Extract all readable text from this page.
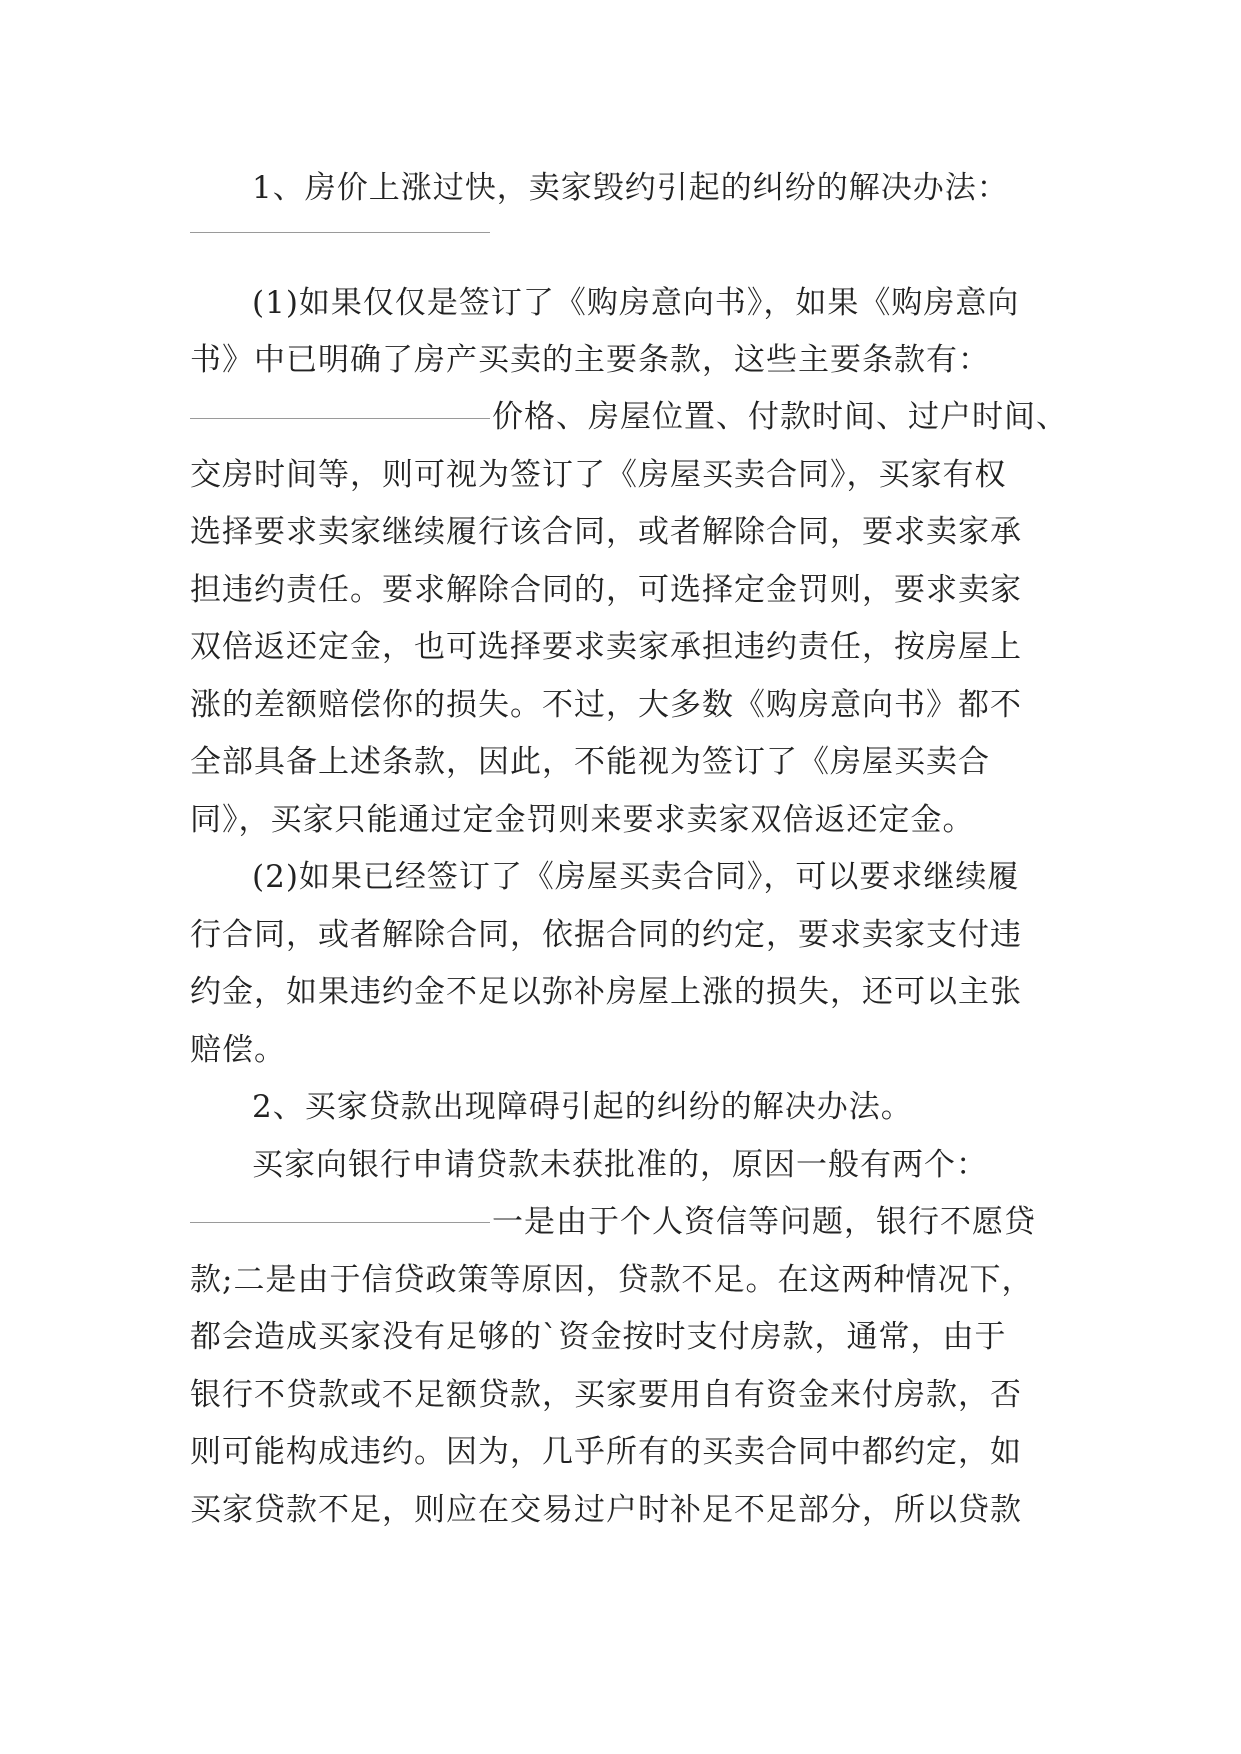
1、房价上涨过快，卖家毁约引起的纠纷的解决办法：
(1)如果仅仅是签订了《购房意向书》，如果《购房意向
书》中已明确了房产买卖的主要条款，这些主要条款有：
价格、房屋位置、付款时间、过户时间、
交房时间等，则可视为签订了《房屋买卖合同》，买家有权
选择要求卖家继续履行该合同，或者解除合同，要求卖家承
担违约责任。要求解除合同的，可选择定金罚则，要求卖家
双倍返还定金，也可选择要求卖家承担违约责任，按房屋上
涨的差额赔偿你的损失。不过，大多数《购房意向书》都不
全部具备上述条款，因此，不能视为签订了《房屋买卖合
同》，买家只能通过定金罚则来要求卖家双倍返还定金。
(2)如果已经签订了《房屋买卖合同》，可以要求继续履
行合同，或者解除合同，依据合同的约定，要求卖家支付违
约金，如果违约金不足以弥补房屋上涨的损失，还可以主张
赔偿。
2、买家贷款出现障碍引起的纠纷的解决办法。
买家向银行申请贷款未获批准的，原因一般有两个：
一是由于个人资信等问题，银行不愿贷
款;二是由于信贷政策等原因，贷款不足。在这两种情况下，
都会造成买家没有足够的`资金按时支付房款，通常，由于
银行不贷款或不足额贷款，买家要用自有资金来付房款，否
则可能构成违约。因为，几乎所有的买卖合同中都约定，如
买家贷款不足，则应在交易过户时补足不足部分，所以贷款
